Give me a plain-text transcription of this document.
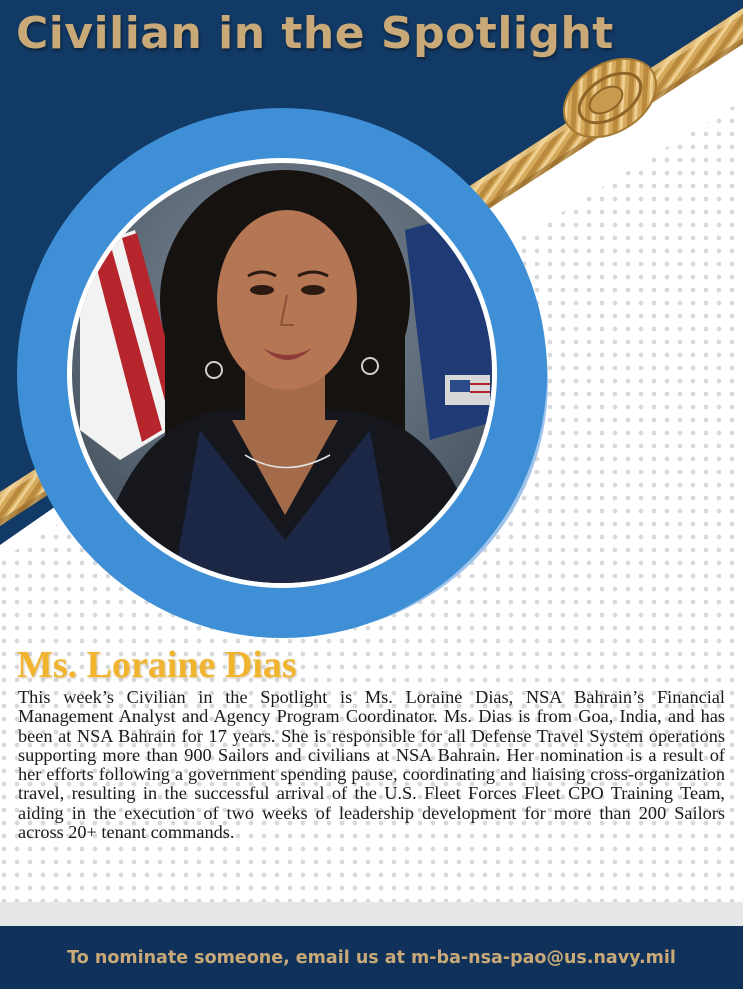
Civilian in the Spotlight
Ms. Loraine Dias

This week’s Civilian in the Spotlight is Ms. Loraine Dias, NSA Bahrain’s Financial Management Analyst and Agency Program Coordinator. Ms. Dias is from Goa, India, and has been at NSA Bahrain for 17 years. She is responsible for all Defense Travel System operations supporting more than 900 Sailors and civilians at NSA Bahrain. Her nomination is a result of her efforts following a government spending pause, coordinating and liaising cross-organization travel, resulting in the successful arrival of the U.S. Fleet Forces Fleet CPO Training Team, aiding in the execution of two weeks of leadership development for more than 200 Sailors across 20+ tenant commands.

To nominate someone, email us at m-ba-nsa-pao@us.navy.mil
